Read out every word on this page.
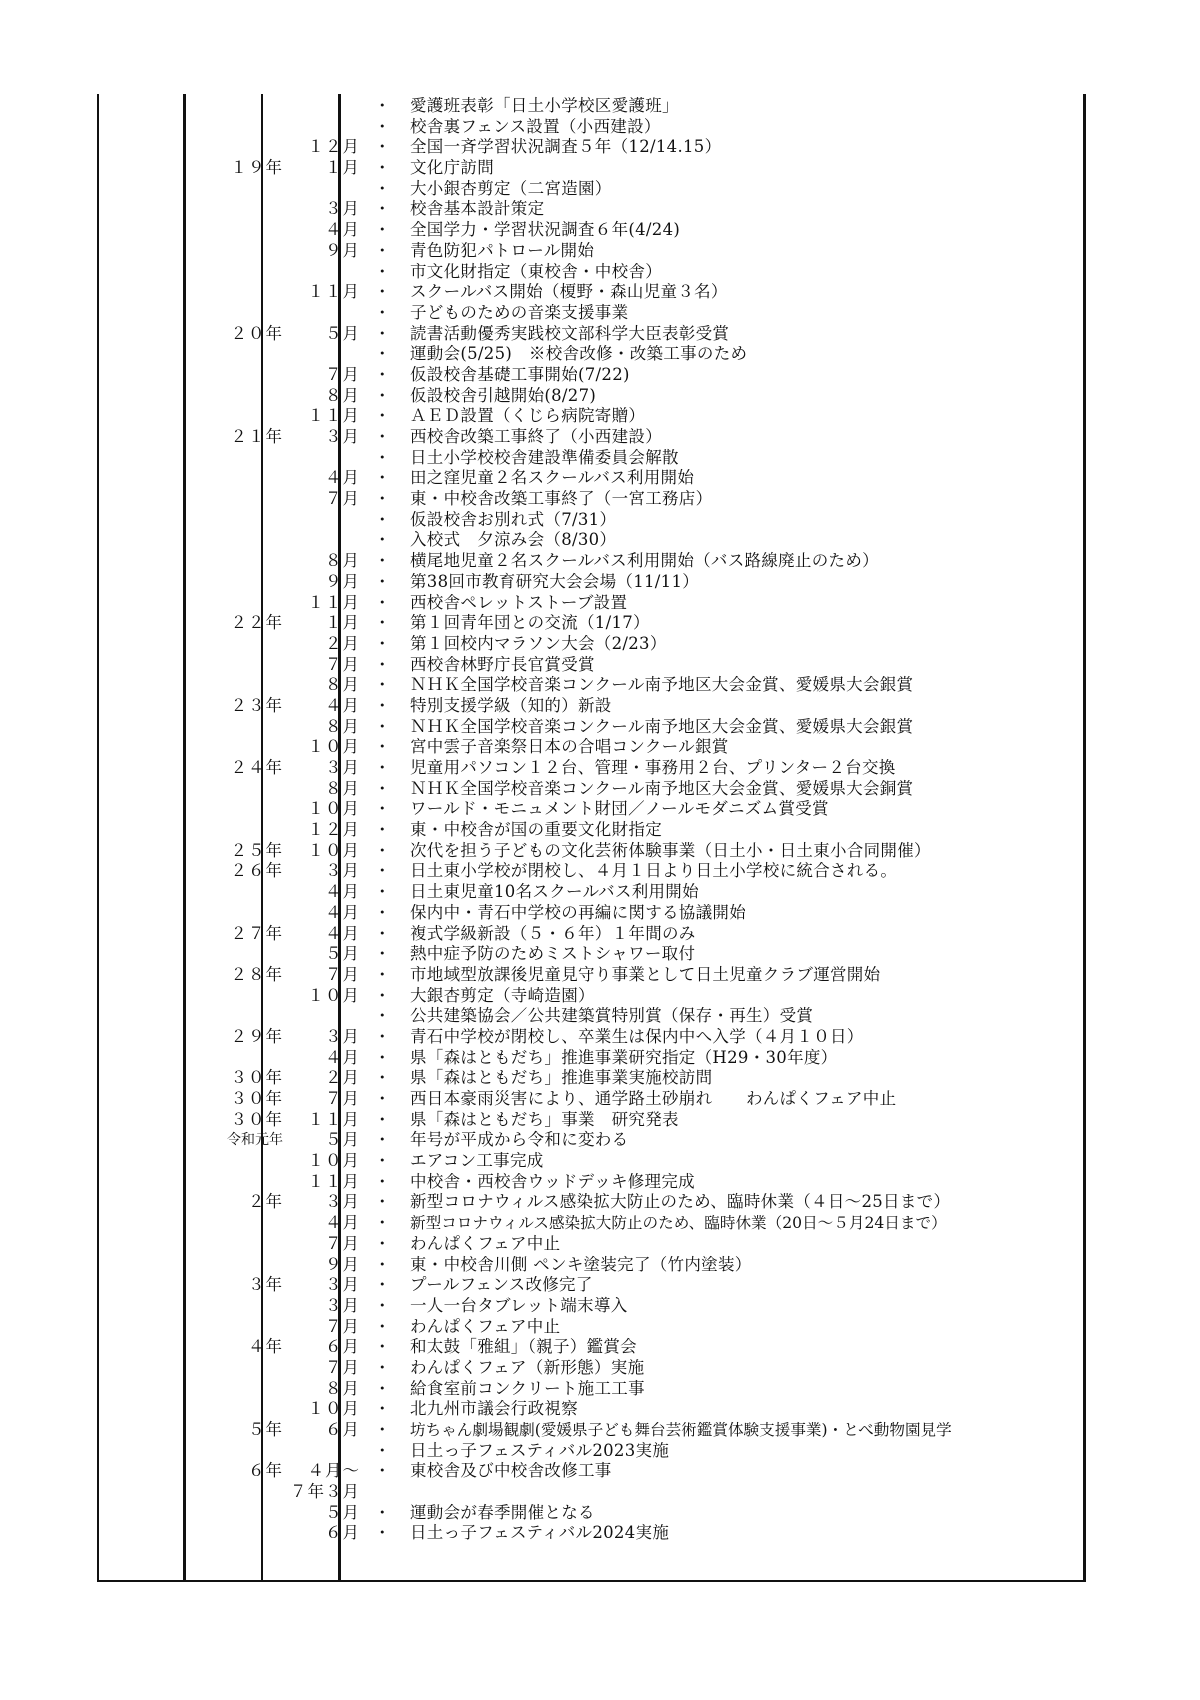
・ 愛護班表彰「日土小学校区愛護班」
・ 校舎裏フェンス設置（小西建設）
１２月 ・ 全国一斉学習状況調査５年（12/14.15）
１９年	１月 ・ 文化庁訪問
・ 大小銀杏剪定（二宮造園）
３月 ・ 校舎基本設計策定
４月 ・ 全国学力・学習状況調査６年(4/24)
９月 ・ 青色防犯パトロール開始
・ 市文化財指定（東校舎・中校舎）
１１月 ・ スクールバス開始（榎野・森山児童３名）
・ 子どものための音楽支援事業
２０年	５月 ・ 読書活動優秀実践校文部科学大臣表彰受賞
・ 運動会(5/25)　※校舎改修・改築工事のため
７月 ・ 仮設校舎基礎工事開始(7/22)
８月 ・ 仮設校舎引越開始(8/27)
１１月 ・ ＡＥＤ設置（くじら病院寄贈）
２１年	３月 ・ 西校舎改築工事終了（小西建設）
・ 日土小学校校舎建設準備委員会解散
４月 ・ 田之窪児童２名スクールバス利用開始
７月 ・ 東・中校舎改築工事終了（一宮工務店）
・ 仮設校舎お別れ式（7/31）
・ 入校式　夕涼み会（8/30）
８月 ・ 横尾地児童２名スクールバス利用開始（バス路線廃止のため）
９月 ・ 第38回市教育研究大会会場（11/11）
１１月 ・ 西校舎ペレットストーブ設置
２２年	１月 ・ 第１回青年団との交流（1/17）
２月 ・ 第１回校内マラソン大会（2/23）
７月 ・ 西校舎林野庁長官賞受賞
８月 ・ ＮＨＫ全国学校音楽コンクール南予地区大会金賞、愛媛県大会銀賞
２３年	４月 ・ 特別支援学級（知的）新設
８月 ・ ＮＨＫ全国学校音楽コンクール南予地区大会金賞、愛媛県大会銀賞
１０月 ・ 宮中雲子音楽祭日本の合唱コンクール銀賞
２４年	３月 ・ 児童用パソコン１２台、管理・事務用２台、プリンター２台交換
８月 ・ ＮＨＫ全国学校音楽コンクール南予地区大会金賞、愛媛県大会銅賞
１０月 ・ ワールド・モニュメント財団／ノールモダニズム賞受賞
１２月 ・ 東・中校舎が国の重要文化財指定
２５年 １０月 ・ 次代を担う子どもの文化芸術体験事業（日土小・日土東小合同開催）
２６年	３月 ・ 日土東小学校が閉校し、４月１日より日土小学校に統合される。
４月 ・ 日土東児童10名スクールバス利用開始
４月 ・ 保内中・青石中学校の再編に関する協議開始
２７年	４月 ・ 複式学級新設（５・６年）１年間のみ
５月 ・ 熱中症予防のためミストシャワー取付
２８年	７月 ・ 市地域型放課後児童見守り事業として日土児童クラブ運営開始
１０月 ・ 大銀杏剪定（寺崎造園）
・ 公共建築協会／公共建築賞特別賞（保存・再生）受賞
２９年	３月 ・ 青石中学校が閉校し、卒業生は保内中へ入学（４月１０日）
４月 ・ 県「森はともだち」推進事業研究指定（H29・30年度）
３０年	２月 ・ 県「森はともだち」推進事業実施校訪問
３０年	７月 ・ 西日本豪雨災害により、通学路土砂崩れ　　わんぱくフェア中止
３０年 １１月 ・ 県「森はともだち」事業　研究発表
令和元年	５月 ・ 年号が平成から令和に変わる
１０月 ・ エアコン工事完成
１１月 ・ 中校舎・西校舎ウッドデッキ修理完成
２年	３月 ・ 新型コロナウィルス感染拡大防止のため、臨時休業（４日～25日まで）
４月 ・ 新型コロナウィルス感染拡大防止のため、臨時休業（20日～５月24日まで）
７月 ・ わんぱくフェア中止
９月 ・ 東・中校舎川側 ペンキ塗装完了（竹内塗装）
３年	３月 ・ プールフェンス改修完了
３月 ・ 一人一台タブレット端末導入
７月 ・ わんぱくフェア中止
４年	６月 ・ 和太鼓「雅組」（親子）鑑賞会
７月 ・ わんぱくフェア（新形態）実施
８月 ・ 給食室前コンクリート施工工事
１０月 ・ 北九州市議会行政視察
５年	６月 ・ 坊ちゃん劇場観劇(愛媛県子ども舞台芸術鑑賞体験支援事業)・とべ動物園見学
・ 日土っ子フェスティバル2023実施
６年 ４月～ ・ 東校舎及び中校舎改修工事
７年３月
５月 ・ 運動会が春季開催となる
６月 ・ 日土っ子フェスティバル2024実施
